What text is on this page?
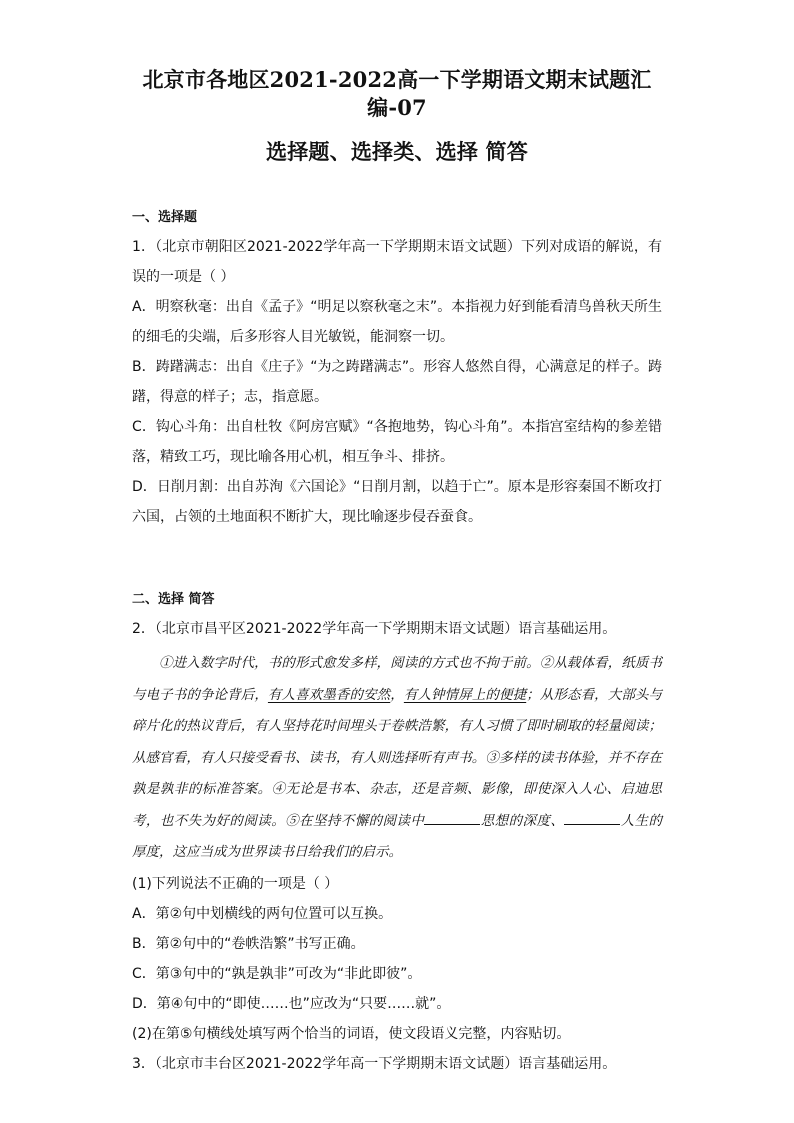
北京市各地区2021-2022高一下学期语文期末试题汇编-07
选择题、选择类、选择 简答

一、选择题

1．（北京市朝阳区2021-2022学年高一下学期期末语文试题）下列对成语的解说，有误的一项是（ ）

A．明察秋毫：出自《孟子》“明足以察秋毫之末”。本指视力好到能看清鸟兽秋天所生的细毛的尖端，后多形容人目光敏锐，能洞察一切。

B．踌躇满志：出自《庄子》“为之踌躇满志”。形容人悠然自得，心满意足的样子。踌躇，得意的样子；志，指意愿。

C．钩心斗角：出自杜牧《阿房宫赋》“各抱地势，钩心斗角”。本指宫室结构的参差错落，精致工巧，现比喻各用心机，相互争斗、排挤。

D．日削月割：出自苏洵《六国论》“日削月割，以趋于亡”。原本是形容秦国不断攻打六国，占领的土地面积不断扩大，现比喻逐步侵吞蚕食。

二、选择 简答

2．（北京市昌平区2021-2022学年高一下学期期末语文试题）语言基础运用。

①进入数字时代，书的形式愈发多样，阅读的方式也不拘于前。②从载体看，纸质书与电子书的争论背后，有人喜欢墨香的安然，有人钟情屏上的便捷；从形态看，大部头与碎片化的热议背后，有人坚持花时间埋头于卷帙浩繁，有人习惯了即时刷取的轻量阅读；从感官看，有人只接受看书、读书，有人则选择听有声书。③多样的读书体验，并不存在孰是孰非的标准答案。④无论是书本、杂志，还是音频、影像，即使深入人心、启迪思考，也不失为好的阅读。⑤在坚持不懈的阅读中	思想的深度、	人生的厚度，这应当成为世界读书日给我们的启示。

(1)下列说法不正确的一项是（ ）

A．第②句中划横线的两句位置可以互换。

B．第②句中的“卷帙浩繁”书写正确。

C．第③句中的“孰是孰非”可改为“非此即彼”。

D．第④句中的“即使……也”应改为“只要……就”。

(2)在第⑤句横线处填写两个恰当的词语，使文段语义完整，内容贴切。

3．（北京市丰台区2021-2022学年高一下学期期末语文试题）语言基础运用。
